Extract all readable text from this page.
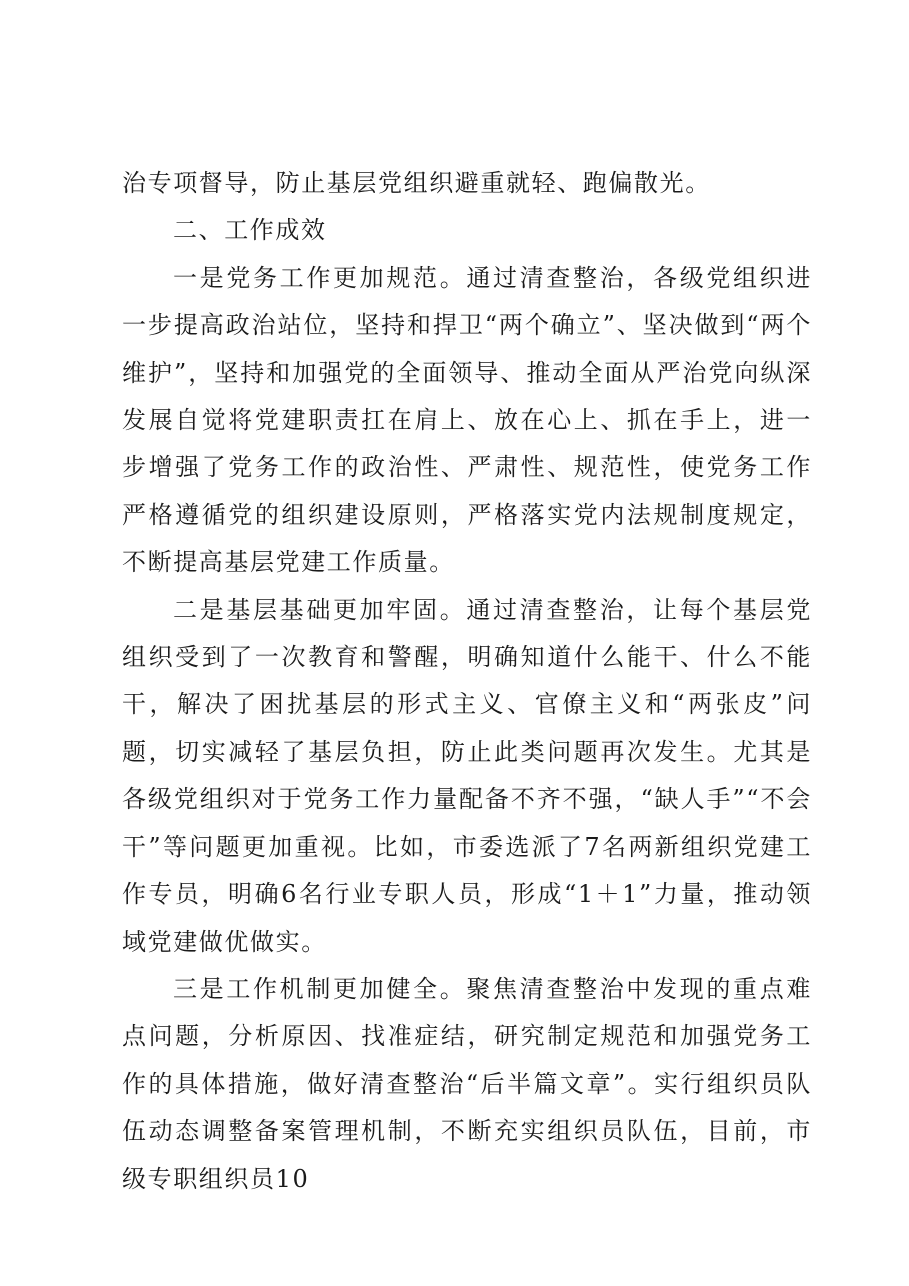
治专项督导，防止基层党组织避重就轻、跑偏散光。

二、工作成效

一是党务工作更加规范。通过清查整治，各级党组织进一步提高政治站位，坚持和捍卫“两个确立”、坚决做到“两个维护”，坚持和加强党的全面领导、推动全面从严治党向纵深发展自觉将党建职责扛在肩上、放在心上、抓在手上，进一步增强了党务工作的政治性、严肃性、规范性，使党务工作严格遵循党的组织建设原则，严格落实党内法规制度规定，不断提高基层党建工作质量。

二是基层基础更加牢固。通过清查整治，让每个基层党组织受到了一次教育和警醒，明确知道什么能干、什么不能干，解决了困扰基层的形式主义、官僚主义和“两张皮”问题，切实减轻了基层负担，防止此类问题再次发生。尤其是各级党组织对于党务工作力量配备不齐不强，“缺人手”“不会干”等问题更加重视。比如，市委选派了7名两新组织党建工作专员，明确6名行业专职人员，形成“1＋1”力量，推动领域党建做优做实。

三是工作机制更加健全。聚焦清查整治中发现的重点难点问题，分析原因、找准症结，研究制定规范和加强党务工作的具体措施，做好清查整治“后半篇文章”。实行组织员队伍动态调整备案管理机制，不断充实组织员队伍，目前，市级专职组织员10
